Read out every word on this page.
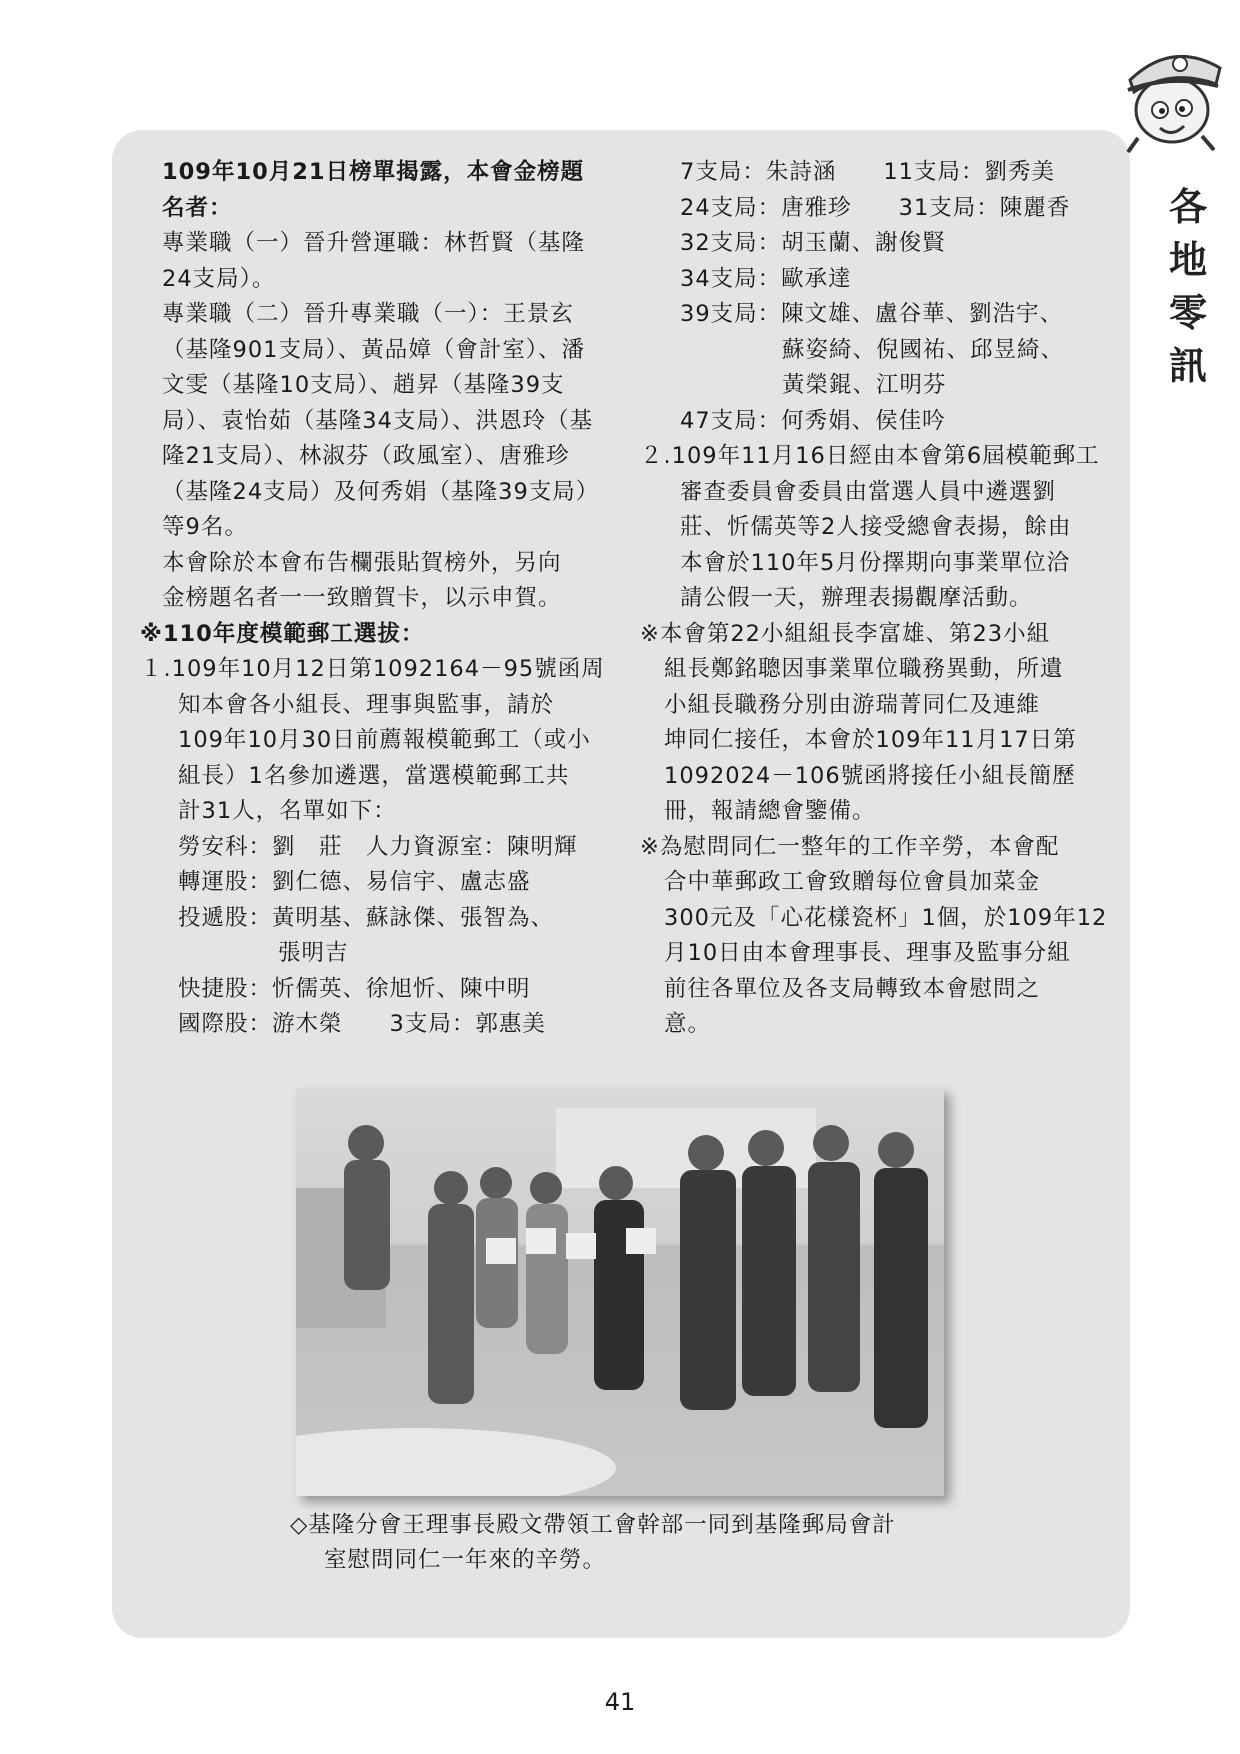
各
地
零
訊
109年10月21日榜單揭露，本會金榜題
名者：
專業職（一）晉升營運職：林哲賢（基隆
24支局）。
專業職（二）晉升專業職（一）：王景玄
（基隆901支局）、黃品嫜（會計室）、潘
文雯（基隆10支局）、趙昇（基隆39支
局）、袁怡茹（基隆34支局）、洪恩玲（基
隆21支局）、林淑芬（政風室）、唐雅珍
（基隆24支局）及何秀娟（基隆39支局）
等9名。
本會除於本會布告欄張貼賀榜外，另向
金榜題名者一一致贈賀卡，以示申賀。
※110年度模範郵工選拔：
１.109年10月12日第1092164－95號函周
知本會各小組長、理事與監事，請於
109年10月30日前薦報模範郵工（或小
組長）1名參加遴選，當選模範郵工共
計31人，名單如下：
勞安科：劉　莊　人力資源室：陳明輝
轉運股：劉仁德、易信宇、盧志盛
投遞股：黃明基、蘇詠傑、張智為、
張明吉
快捷股：忻儒英、徐旭忻、陳中明
國際股：游木榮　　3支局：郭惠美
7支局：朱詩涵　　11支局：劉秀美
24支局：唐雅珍　　31支局：陳麗香
32支局：胡玉蘭、謝俊賢
34支局：歐承達
39支局：陳文雄、盧谷華、劉浩宇、
蘇姿綺、倪國祐、邱昱綺、
黃榮錕、江明芬
47支局：何秀娟、侯佳吟
２.109年11月16日經由本會第6屆模範郵工
審查委員會委員由當選人員中遴選劉
莊、忻儒英等2人接受總會表揚，餘由
本會於110年5月份擇期向事業單位洽
請公假一天，辦理表揚觀摩活動。
※本會第22小組組長李富雄、第23小組
組長鄭銘聰因事業單位職務異動，所遺
小組長職務分別由游瑞菁同仁及連維
坤同仁接任，本會於109年11月17日第
1092024－106號函將接任小組長簡歷
冊，報請總會鑒備。
※為慰問同仁一整年的工作辛勞，本會配
合中華郵政工會致贈每位會員加菜金
300元及「心花樣瓷杯」1個，於109年12
月10日由本會理事長、理事及監事分組
前往各單位及各支局轉致本會慰問之
意。
◇基隆分會王理事長殿文帶領工會幹部一同到基隆郵局會計
室慰問同仁一年來的辛勞。
41
